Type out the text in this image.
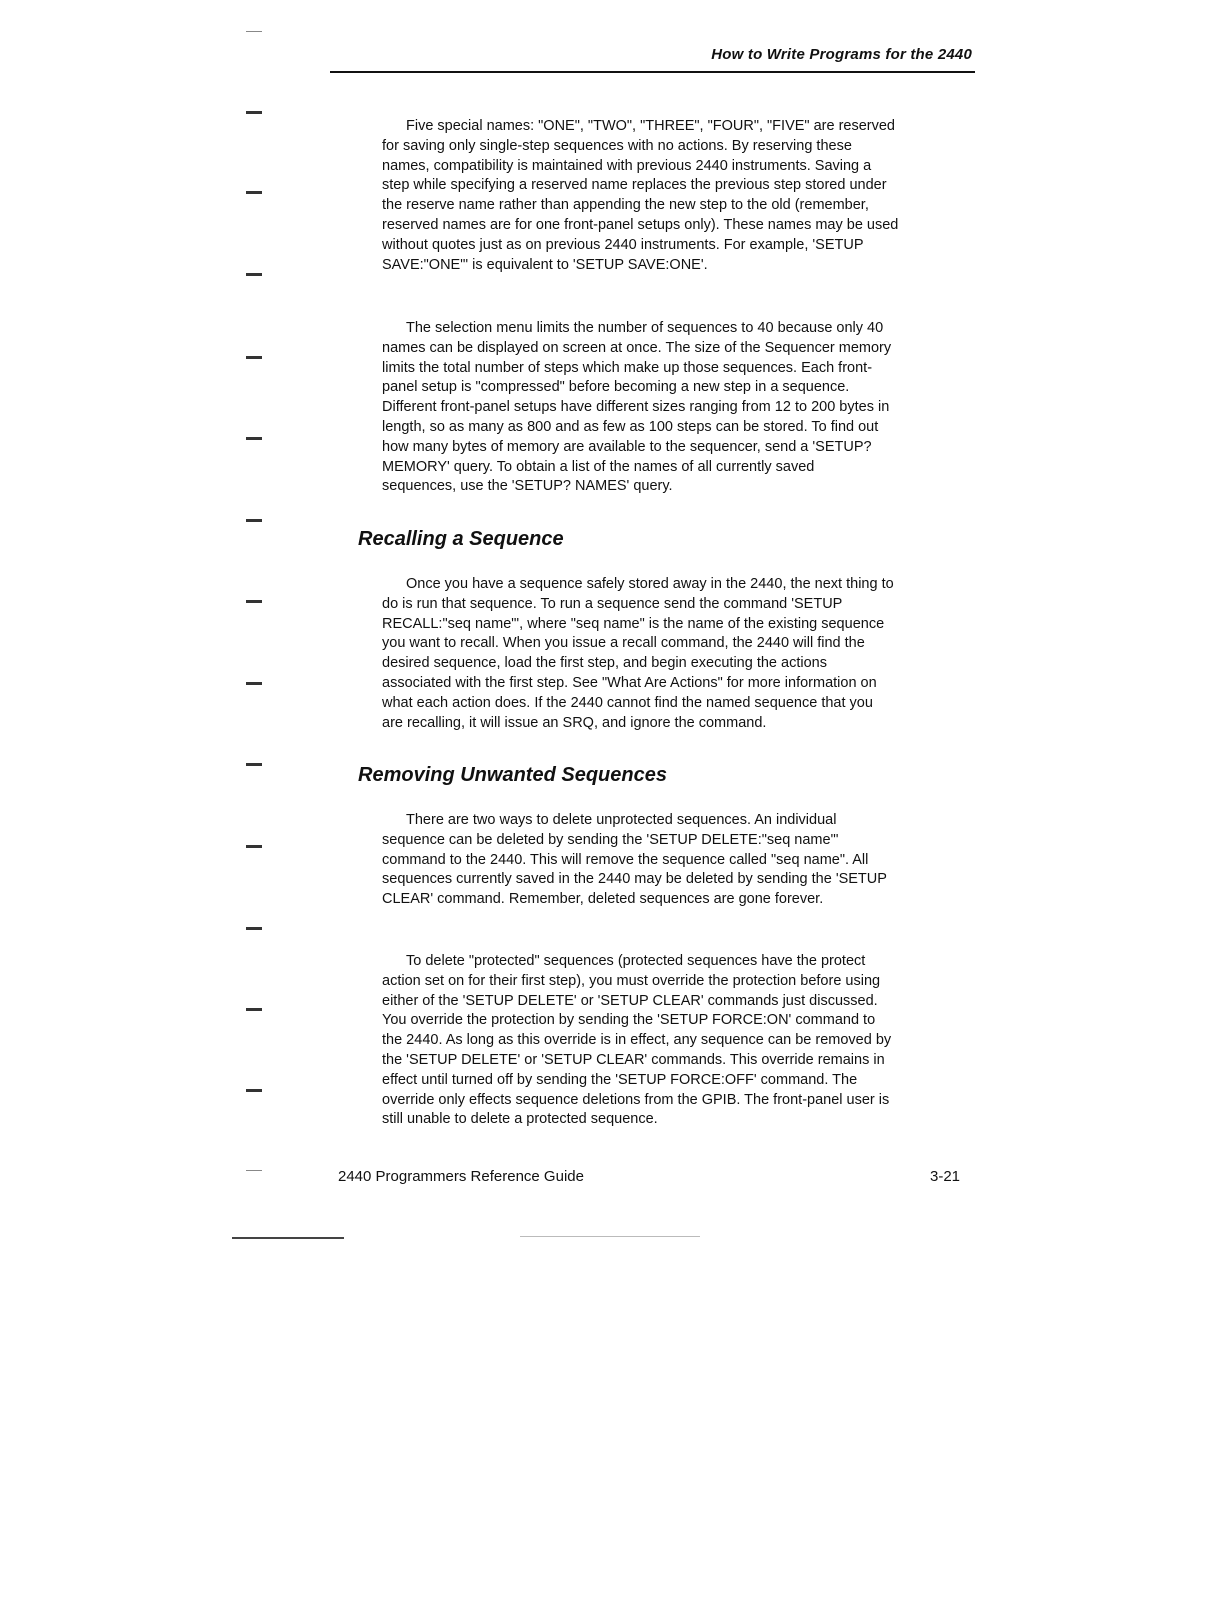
How to Write Programs for the 2440
Five special names: "ONE", "TWO", "THREE", "FOUR", "FIVE" are reserved
for saving only single-step sequences with no actions. By reserving these
names, compatibility is maintained with previous 2440 instruments. Saving a
step while specifying a reserved name replaces the previous step stored under
the reserve name rather than appending the new step to the old (remember,
reserved names are for one front-panel setups only). These names may be used
without quotes just as on previous 2440 instruments. For example, 'SETUP
SAVE:"ONE"' is equivalent to 'SETUP SAVE:ONE'.
The selection menu limits the number of sequences to 40 because only 40
names can be displayed on screen at once. The size of the Sequencer memory
limits the total number of steps which make up those sequences. Each front-
panel setup is "compressed" before becoming a new step in a sequence.
Different front-panel setups have different sizes ranging from 12 to 200 bytes in
length, so as many as 800 and as few as 100 steps can be stored. To find out
how many bytes of memory are available to the sequencer, send a 'SETUP?
MEMORY' query. To obtain a list of the names of all currently saved
sequences, use the 'SETUP? NAMES' query.
Recalling a Sequence
Once you have a sequence safely stored away in the 2440, the next thing to
do is run that sequence. To run a sequence send the command 'SETUP
RECALL:"seq name"', where "seq name" is the name of the existing sequence
you want to recall. When you issue a recall command, the 2440 will find the
desired sequence, load the first step, and begin executing the actions
associated with the first step. See "What Are Actions" for more information on
what each action does. If the 2440 cannot find the named sequence that you
are recalling, it will issue an SRQ, and ignore the command.
Removing Unwanted Sequences
There are two ways to delete unprotected sequences. An individual
sequence can be deleted by sending the 'SETUP DELETE:"seq name"'
command to the 2440. This will remove the sequence called "seq name". All
sequences currently saved in the 2440 may be deleted by sending the 'SETUP
CLEAR' command. Remember, deleted sequences are gone forever.
To delete "protected" sequences (protected sequences have the protect
action set on for their first step), you must override the protection before using
either of the 'SETUP DELETE' or 'SETUP CLEAR' commands just discussed.
You override the protection by sending the 'SETUP FORCE:ON' command to
the 2440. As long as this override is in effect, any sequence can be removed by
the 'SETUP DELETE' or 'SETUP CLEAR' commands. This override remains in
effect until turned off by sending the 'SETUP FORCE:OFF' command. The
override only effects sequence deletions from the GPIB. The front-panel user is
still unable to delete a protected sequence.
2440 Programmers Reference Guide	3-21
